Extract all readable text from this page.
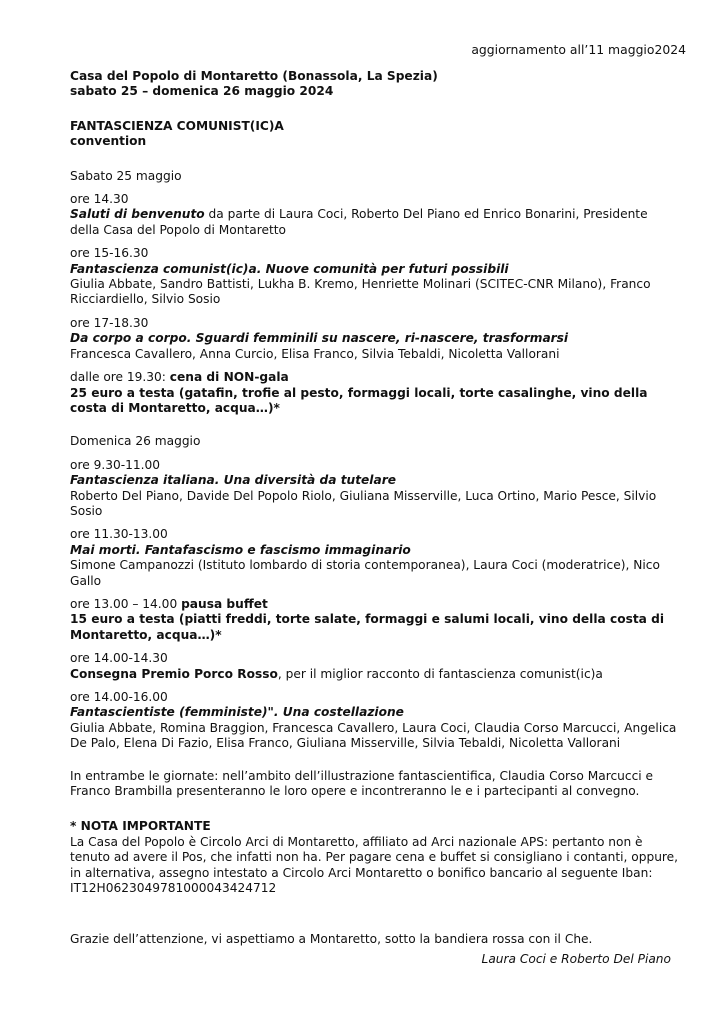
aggiornamento all’11 maggio2024

Casa del Popolo di Montaretto (Bonassola, La Spezia)

sabato 25 – domenica 26 maggio 2024

FANTASCIENZA COMUNIST(IC)A

convention

Sabato 25 maggio

ore 14.30

Saluti di benvenuto da parte di Laura Coci, Roberto Del Piano ed Enrico Bonarini, Presidente della Casa del Popolo di Montaretto

ore 15-16.30

Fantascienza comunist(ic)a. Nuove comunità per futuri possibili

Giulia Abbate, Sandro Battisti, Lukha B. Kremo, Henriette Molinari (SCITEC-CNR Milano), Franco Ricciardiello, Silvio Sosio

ore 17-18.30

Da corpo a corpo. Sguardi femminili su nascere, ri-nascere, trasformarsi

Francesca Cavallero, Anna Curcio, Elisa Franco, Silvia Tebaldi, Nicoletta Vallorani

dalle ore 19.30: cena di NON-gala

25 euro a testa (gatafin, trofie al pesto, formaggi locali, torte casalinghe, vino della costa di Montaretto, acqua…)*

Domenica 26 maggio

ore 9.30-11.00

Fantascienza italiana. Una diversità da tutelare

Roberto Del Piano, Davide Del Popolo Riolo, Giuliana Misserville, Luca Ortino, Mario Pesce, Silvio Sosio

ore 11.30-13.00

Mai morti. Fantafascismo e fascismo immaginario

Simone Campanozzi (Istituto lombardo di storia contemporanea), Laura Coci (moderatrice), Nico Gallo

ore 13.00 – 14.00 pausa buffet

15 euro a testa (piatti freddi, torte salate, formaggi e salumi locali, vino della costa di Montaretto, acqua…)*

ore 14.00-14.30

Consegna Premio Porco Rosso, per il miglior racconto di fantascienza comunist(ic)a

ore 14.00-16.00

Fantascientiste (femministe)". Una costellazione

Giulia Abbate, Romina Braggion, Francesca Cavallero, Laura Coci, Claudia Corso Marcucci, Angelica De Palo, Elena Di Fazio, Elisa Franco, Giuliana Misserville, Silvia Tebaldi, Nicoletta Vallorani

In entrambe le giornate: nell’ambito dell’illustrazione fantascientifica, Claudia Corso Marcucci e Franco Brambilla presenteranno le loro opere e incontreranno le e i partecipanti al convegno.

* NOTA IMPORTANTE

La Casa del Popolo è Circolo Arci di Montaretto, affiliato ad Arci nazionale APS: pertanto non è tenuto ad avere il Pos, che infatti non ha. Per pagare cena e buffet si consigliano i contanti, oppure, in alternativa, assegno intestato a Circolo Arci Montaretto o bonifico bancario al seguente Iban:

IT12H0623049781000043424712

Grazie dell’attenzione, vi aspettiamo a Montaretto, sotto la bandiera rossa con il Che.

Laura Coci e Roberto Del Piano
